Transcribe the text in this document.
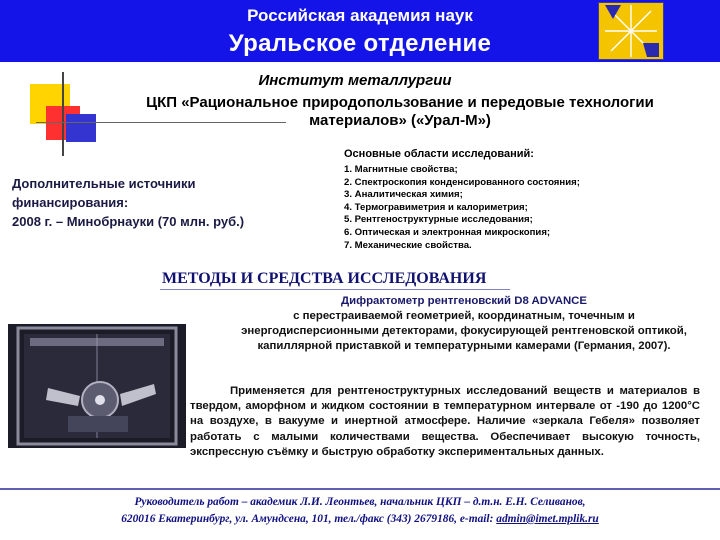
Российская академия наук
Уральское отделение
Институт металлургии
ЦКП «Рациональное природопользование и передовые технологии материалов» («Урал-М»)
Основные области исследований:
1. Магнитные свойства;
2. Спектроскопия конденсированного состояния;
3. Аналитическая химия;
4. Термогравиметрия и калориметрия;
5. Рентгеноструктурные исследования;
6. Оптическая и электронная микроскопия;
7. Механические свойства.
Дополнительные источники
финансирования:
2008 г. – Минобрнауки (70 млн. руб.)
МЕТОДЫ И СРЕДСТВА ИССЛЕДОВАНИЯ
Дифрактометр рентгеновский D8 ADVANCE
с перестраиваемой геометрией, координатным, точечным и энергодисперсионными детекторами, фокусирующей рентгеновской оптикой, капиллярной приставкой и температурными камерами (Германия, 2007).
Применяется для рентгеноструктурных исследований веществ и материалов в твердом, аморфном и жидком состоянии в температурном интервале от -190 до 1200°С на воздухе, в вакууме и инертной атмосфере. Наличие «зеркала Гебеля» позволяет работать с малыми количествами вещества. Обеспечивает высокую точность, экспрессную съёмку и быструю обработку экспериментальных данных.
Руководитель работ – академик Л.И. Леонтьев, начальник ЦКП – д.т.н. Е.Н. Селиванов,
620016 Екатеринбург, ул. Амундсена, 101, тел./факс (343) 2679186, e-mail: admin@imet.mplik.ru
